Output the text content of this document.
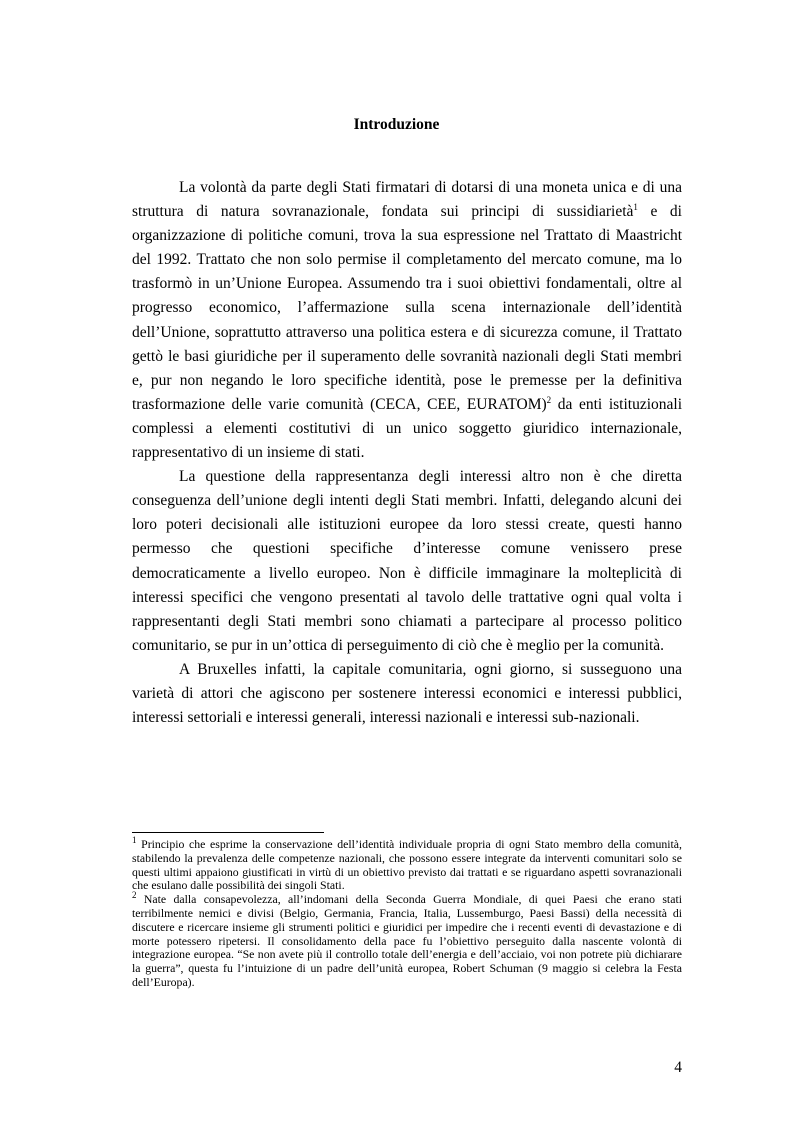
Introduzione

La volontà da parte degli Stati firmatari di dotarsi di una moneta unica e di una struttura di natura sovranazionale, fondata sui principi di sussidiarietà$^1$ e di organizzazione di politiche comuni, trova la sua espressione nel Trattato di Maastricht del 1992. Trattato che non solo permise il completamento del mercato comune, ma lo trasformò in un’Unione Europea. Assumendo tra i suoi obiettivi fondamentali, oltre al progresso economico, l’affermazione sulla scena internazionale dell’identità dell’Unione, soprattutto attraverso una politica estera e di sicurezza comune, il Trattato gettò le basi giuridiche per il superamento delle sovranità nazionali degli Stati membri e, pur non negando le loro specifiche identità, pose le premesse per la definitiva trasformazione delle varie comunità (CECA, CEE, EURATOM)$^2$ da enti istituzionali complessi a elementi costitutivi di un unico soggetto giuridico internazionale, rappresentativo di un insieme di stati.

La questione della rappresentanza degli interessi altro non è che diretta conseguenza dell’unione degli intenti degli Stati membri. Infatti, delegando alcuni dei loro poteri decisionali alle istituzioni europee da loro stessi create, questi hanno permesso che questioni specifiche d’interesse comune venissero prese democraticamente a livello europeo. Non è difficile immaginare la molteplicità di interessi specifici che vengono presentati al tavolo delle trattative ogni qual volta i rappresentanti degli Stati membri sono chiamati a partecipare al processo politico comunitario, se pur in un’ottica di perseguimento di ciò che è meglio per la comunità.

A Bruxelles infatti, la capitale comunitaria, ogni giorno, si susseguono una varietà di attori che agiscono per sostenere interessi economici e interessi pubblici, interessi settoriali e interessi generali, interessi nazionali e interessi sub-nazionali.

$^1$ Principio che esprime la conservazione dell’identità individuale propria di ogni Stato membro della comunità, stabilendo la prevalenza delle competenze nazionali, che possono essere integrate da interventi comunitari solo se questi ultimi appaiono giustificati in virtù di un obiettivo previsto dai trattati e se riguardano aspetti sovranazionali che esulano dalle possibilità dei singoli Stati.

$^2$ Nate dalla consapevolezza, all’indomani della Seconda Guerra Mondiale, di quei Paesi che erano stati terribilmente nemici e divisi (Belgio, Germania, Francia, Italia, Lussemburgo, Paesi Bassi) della necessità di discutere e ricercare insieme gli strumenti politici e giuridici per impedire che i recenti eventi di devastazione e di morte potessero ripetersi. Il consolidamento della pace fu l’obiettivo perseguito dalla nascente volontà di integrazione europea. “Se non avete più il controllo totale dell’energia e dell’acciaio, voi non potrete più dichiarare la guerra”, questa fu l’intuizione di un padre dell’unità europea, Robert Schuman (9 maggio si celebra la Festa dell’Europa).

4
